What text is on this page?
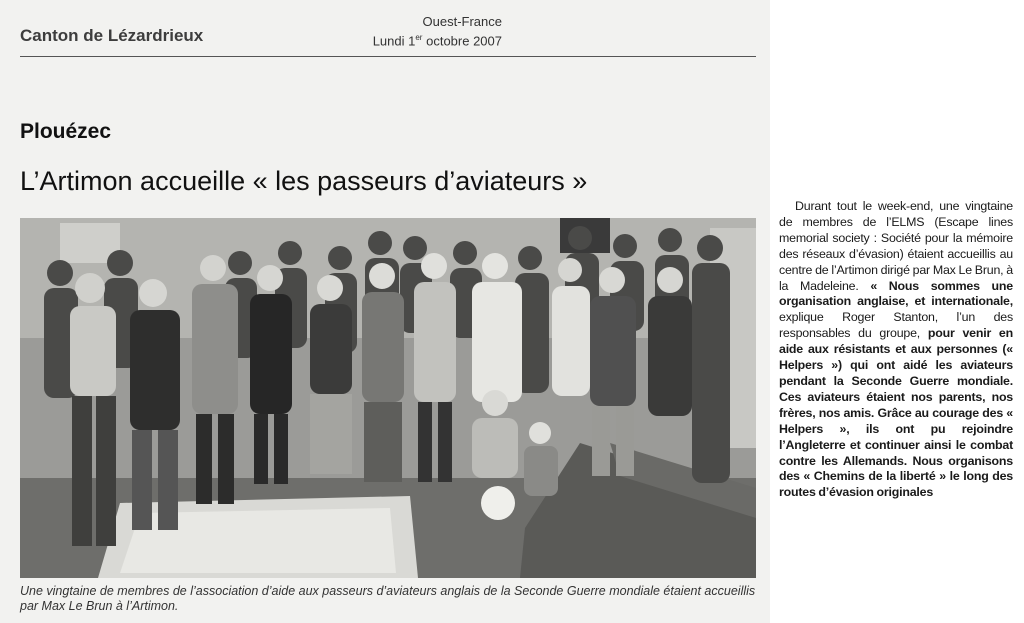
Canton de Lézardrieux
Ouest-France
Lundi 1er octobre 2007
Plouézec
L’Artimon accueille « les passeurs d’aviateurs »
Une vingtaine de membres de l’association d’aide aux passeurs d’aviateurs anglais de la Seconde Guerre mondiale étaient accueillis par Max Le Brun à l’Artimon.

Durant tout le week-end, une vingtaine de membres de l’ELMS (Escape lines memorial society : Société pour la mémoire des réseaux d’évasion) étaient accueillis au centre de l’Artimon dirigé par Max Le Brun, à la Madeleine. « Nous sommes une organisation anglaise, et internationale, explique Roger Stanton, l’un des responsables du groupe, pour venir en aide aux résistants et aux personnes (« Helpers ») qui ont aidé les aviateurs pendant la Seconde Guerre mondiale. Ces aviateurs étaient nos parents, nos frères, nos amis. Grâce au courage des « Helpers », ils ont pu rejoindre l’Angleterre et continuer ainsi le combat contre les Allemands. Nous organisons des « Chemins de la liberté » le long des routes d’évasion originales
